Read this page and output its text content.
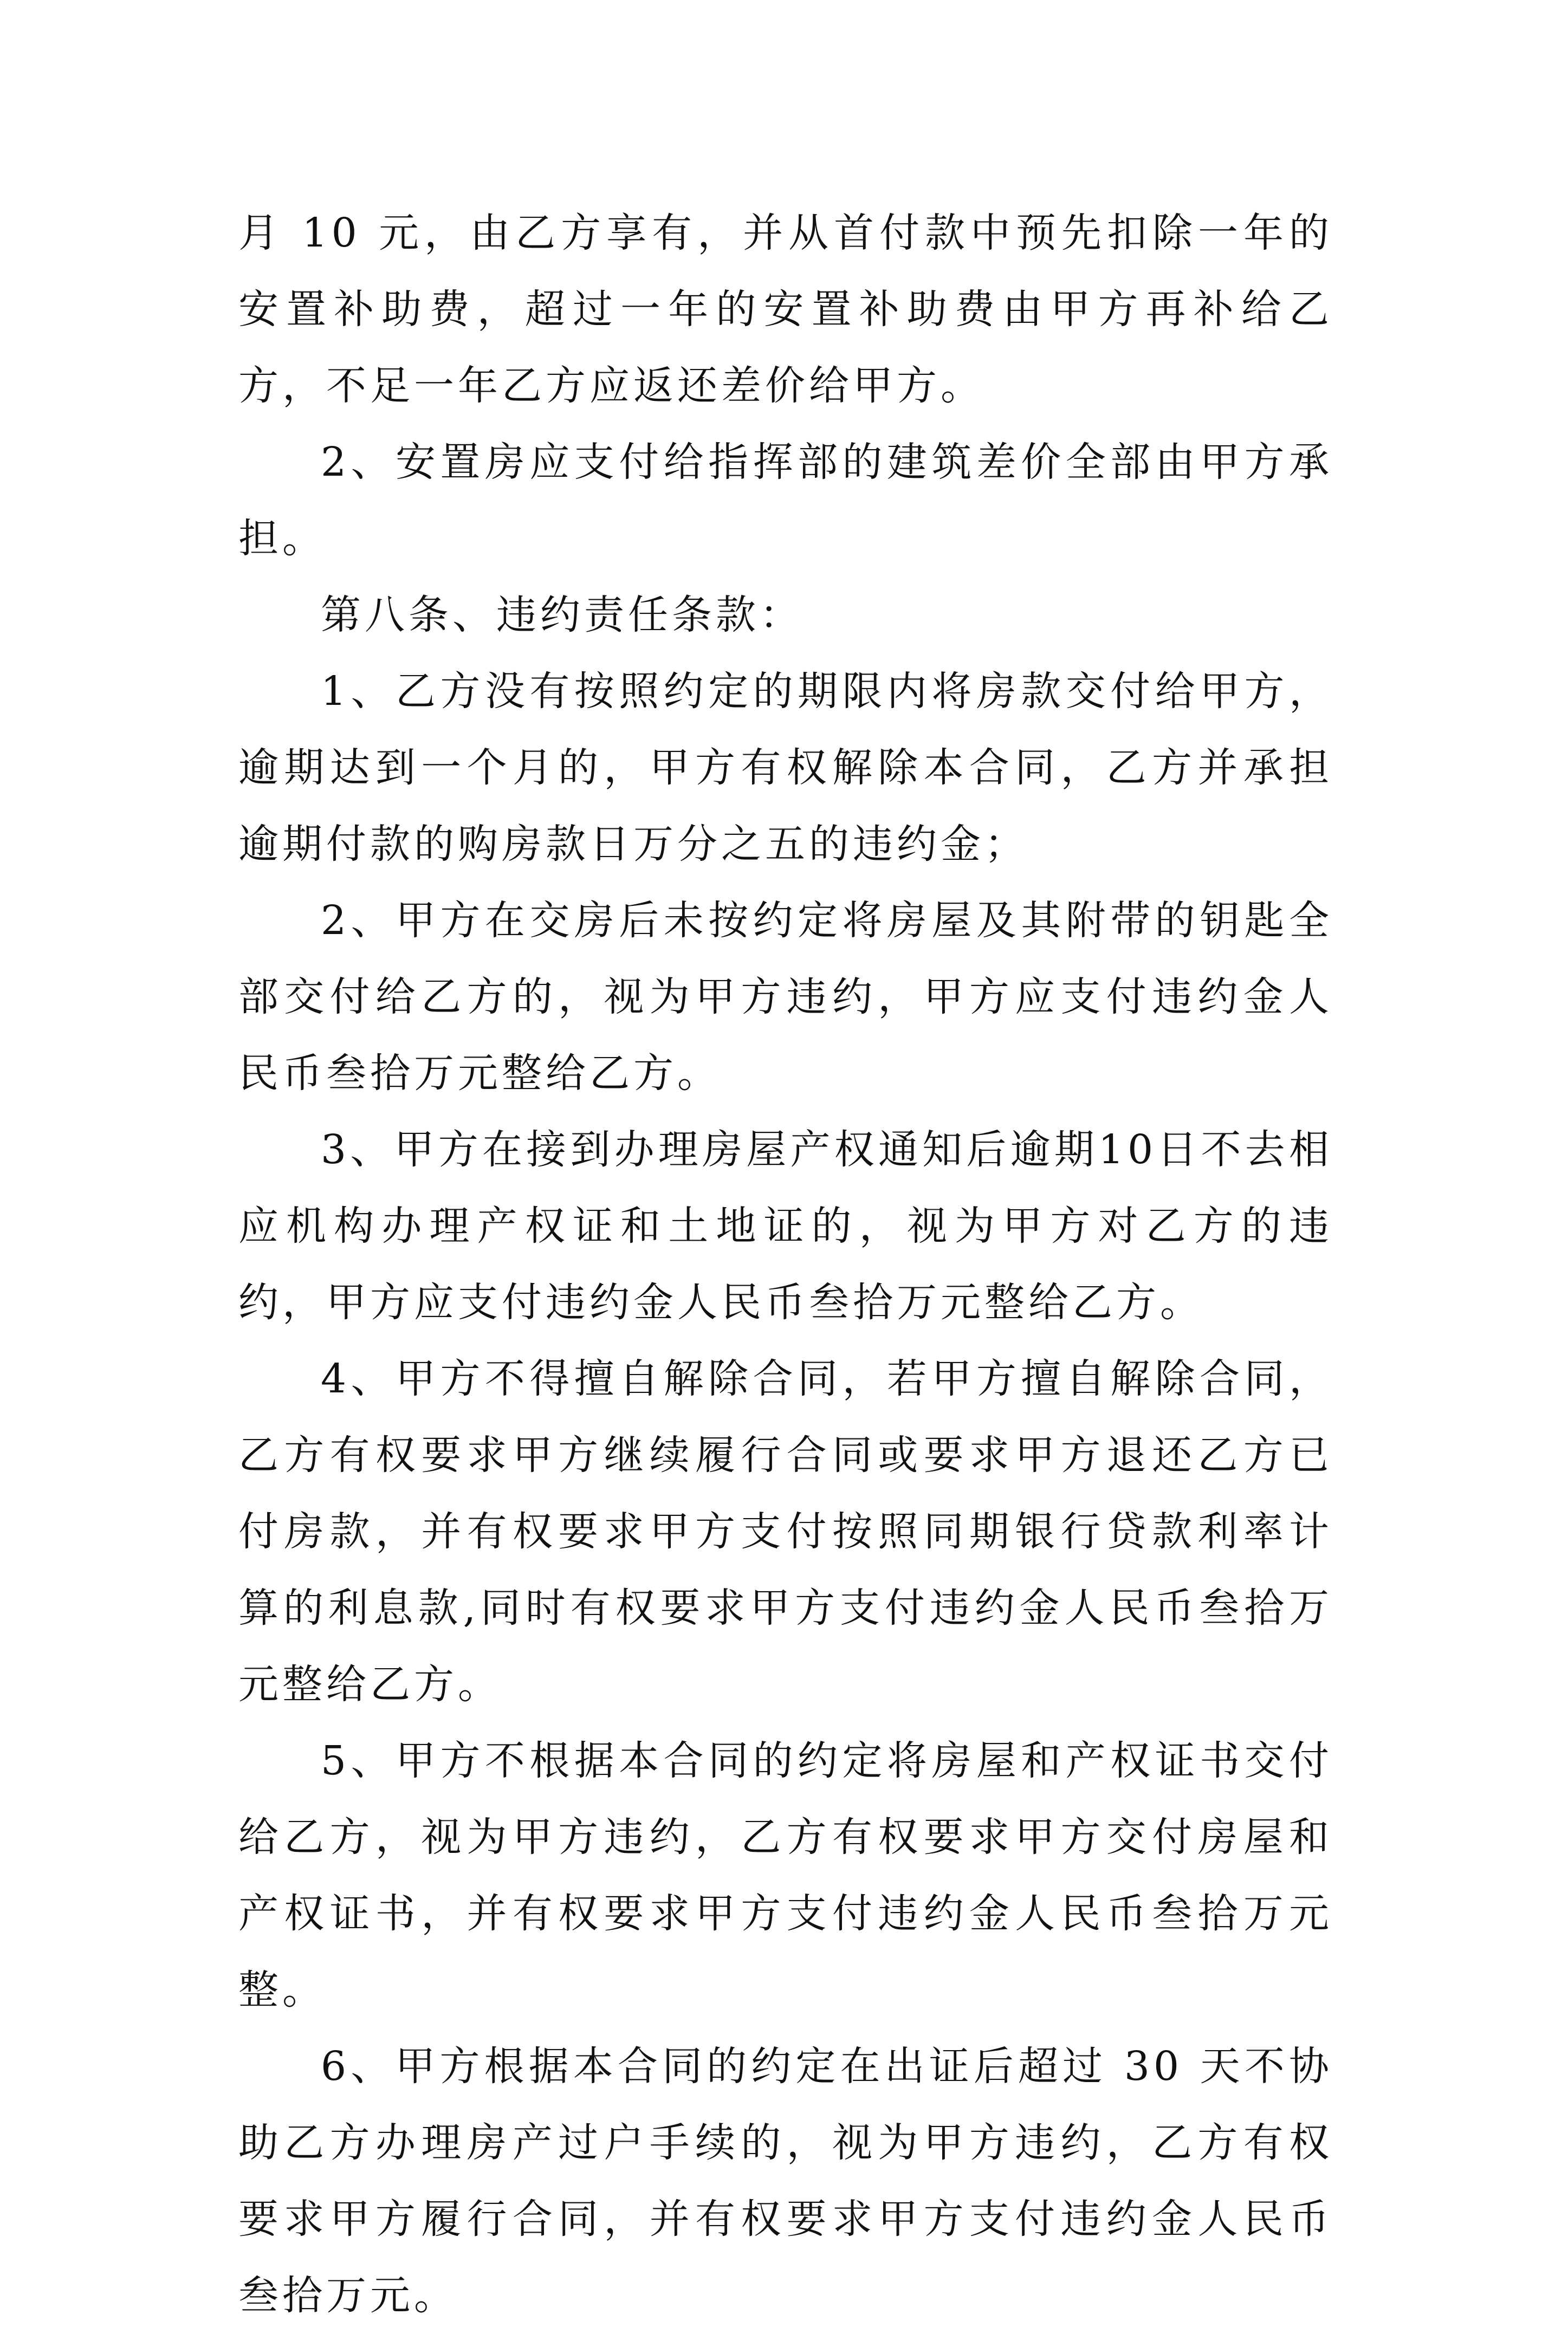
月 10 元，由乙方享有，并从首付款中预先扣除一年的安置补助费，超过一年的安置补助费由甲方再补给乙方，不足一年乙方应返还差价给甲方。

2、安置房应支付给指挥部的建筑差价全部由甲方承担。

第八条、违约责任条款：

1、乙方没有按照约定的期限内将房款交付给甲方，逾期达到一个月的，甲方有权解除本合同，乙方并承担逾期付款的购房款日万分之五的违约金；

2、甲方在交房后未按约定将房屋及其附带的钥匙全部交付给乙方的，视为甲方违约，甲方应支付违约金人民币叁拾万元整给乙方。

3、甲方在接到办理房屋产权通知后逾期10日不去相应机构办理产权证和土地证的，视为甲方对乙方的违约，甲方应支付违约金人民币叁拾万元整给乙方。

4、甲方不得擅自解除合同，若甲方擅自解除合同，乙方有权要求甲方继续履行合同或要求甲方退还乙方已付房款，并有权要求甲方支付按照同期银行贷款利率计算的利息款,同时有权要求甲方支付违约金人民币叁拾万元整给乙方。

5、甲方不根据本合同的约定将房屋和产权证书交付给乙方，视为甲方违约，乙方有权要求甲方交付房屋和产权证书，并有权要求甲方支付违约金人民币叁拾万元整。

6、甲方根据本合同的约定在出证后超过 30 天不协助乙方办理房产过户手续的，视为甲方违约，乙方有权要求甲方履行合同，并有权要求甲方支付违约金人民币叁拾万元。
